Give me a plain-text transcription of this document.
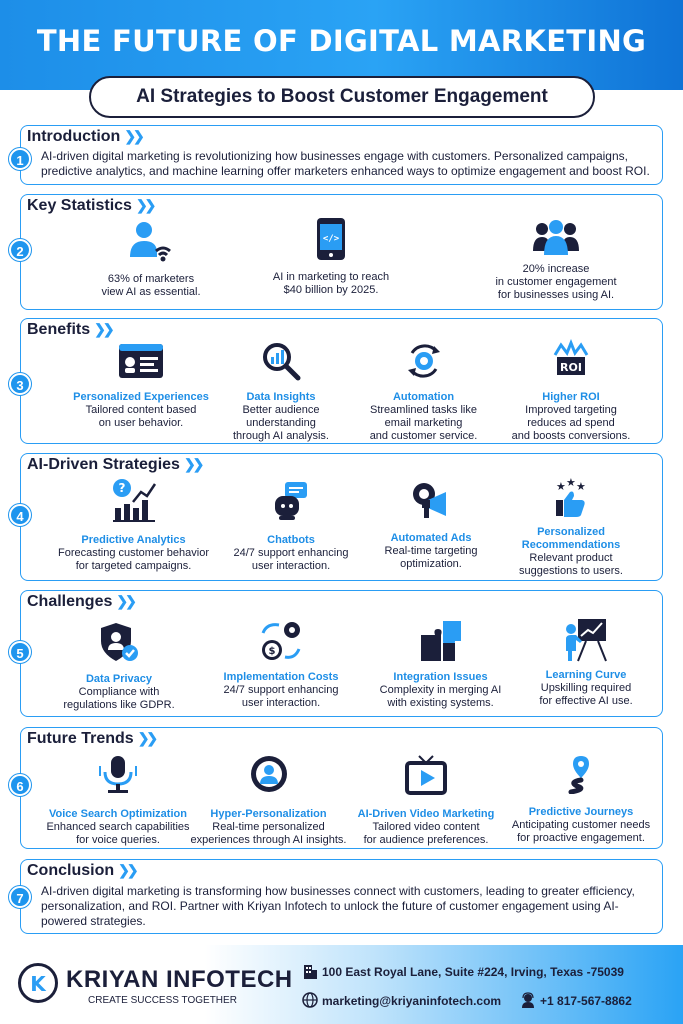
THE FUTURE OF DIGITAL MARKETING
AI Strategies to Boost Customer Engagement
1
Introduction ❯❯
AI-driven digital marketing is revolutionizing how businesses engage with customers. Personalized campaigns, predictive analytics, and machine learning offer marketers enhanced ways to optimize engagement and boost ROI.
2
Key Statistics ❯❯
63% of marketers
view AI as essential.
</>
AI in marketing to reach
$40 billion by 2025.
20% increase
in customer engagement
for businesses using AI.
3
Benefits ❯❯
Personalized Experiences
Tailored content based
on user behavior.
Data Insights
Better audience
understanding
through AI analysis.
Automation
Streamlined tasks like
email marketing
and customer service.
ROI
Higher ROI
Improved targeting
reduces ad spend
and boosts conversions.
4
AI-Driven Strategies ❯❯
?
Predictive Analytics
Forecasting customer behavior
for targeted campaigns.
Chatbots
24/7 support enhancing
user interaction.
Automated Ads
Real-time targeting
optimization.
★ ★ ★
Personalized
Recommendations
Relevant product
suggestions to users.
5
Challenges ❯❯
Data Privacy
Compliance with
regulations like GDPR.
$
Implementation Costs
24/7 support enhancing
user interaction.
Integration Issues
Complexity in merging AI
with existing systems.
Learning Curve
Upskilling required
for effective AI use.
6
Future Trends ❯❯
Voice Search Optimization
Enhanced search capabilities
for voice queries.
Hyper-Personalization
Real-time personalized
experiences through AI insights.
AI-Driven Video Marketing
Tailored video content
for audience preferences.
Predictive Journeys
Anticipating customer needs
for proactive engagement.
7
Conclusion ❯❯
AI-driven digital marketing is transforming how businesses connect with customers, leading to greater efficiency, personalization, and ROI. Partner with Kriyan Infotech to unlock the future of customer engagement using AI-powered strategies.
K KRIYAN INFOTECH
CREATE SUCCESS TOGETHER
100 East Royal Lane, Suite #224, Irving, Texas -75039
marketing@kriyaninfotech.com	+1 817-567-8862
